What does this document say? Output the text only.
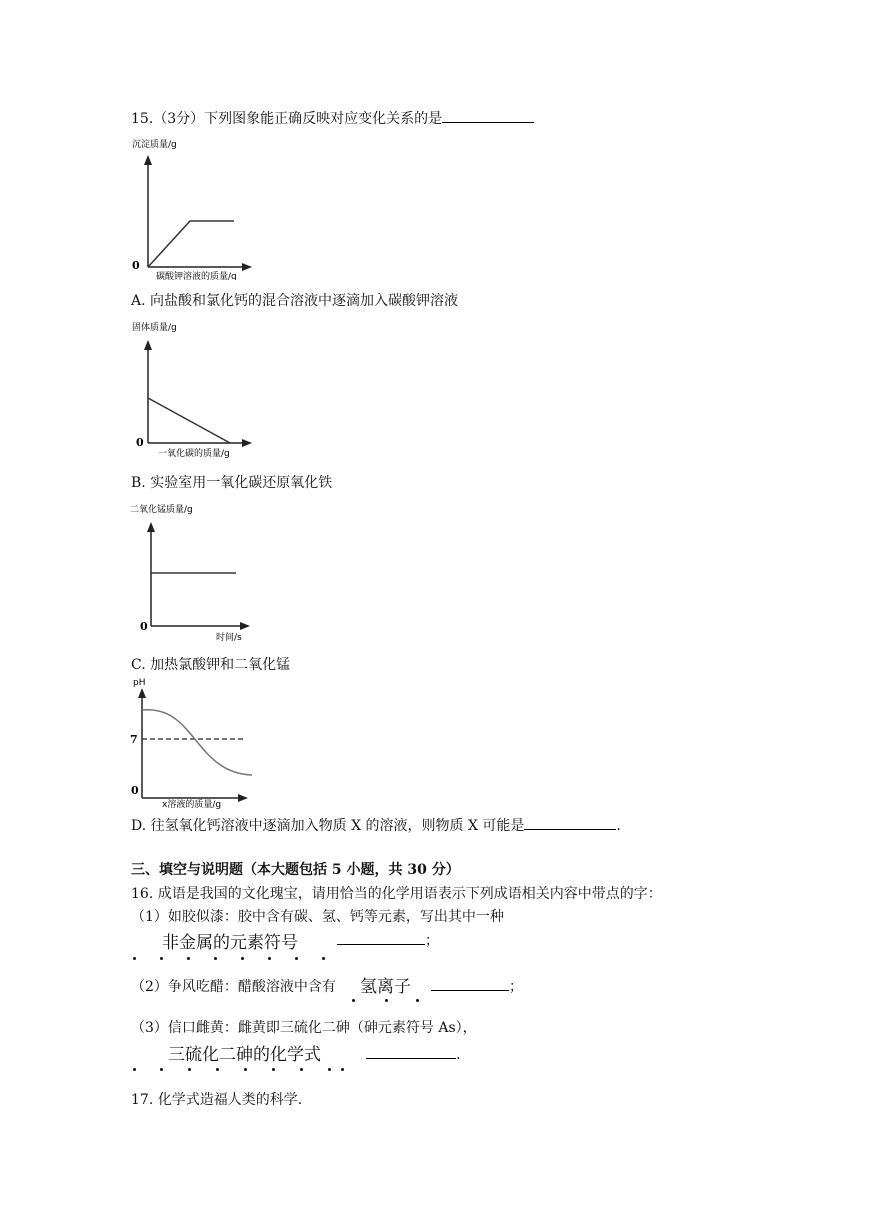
15.（3分）下列图象能正确反映对应变化关系的是
沉淀质量/g
0
碳酸钾溶液的质量/g
A. 向盐酸和氯化钙的混合溶液中逐滴加入碳酸钾溶液
固体质量/g
0
一氧化碳的质量/g
B. 实验室用一氧化碳还原氧化铁
二氧化锰质量/g
0
时间/s
C. 加热氯酸钾和二氧化锰
pH
7
0
x溶液的质量/g
D. 往氢氧化钙溶液中逐滴加入物质 X 的溶液，则物质 X 可能是	.
三、填空与说明题（本大题包括 5 小题，共 30 分）
16. 成语是我国的文化瑰宝，请用恰当的化学用语表示下列成语相关内容中带点的字：
（1）如胶似漆：胶中含有碳、氢、钙等元素，写出其中一种
非金属的元素符号	；
（2）争风吃醋：醋酸溶液中含有 氢离子	；
（3）信口雌黄：雌黄即三硫化二砷（砷元素符号 As），
三硫化二砷的化学式	.
17. 化学式造福人类的科学.
